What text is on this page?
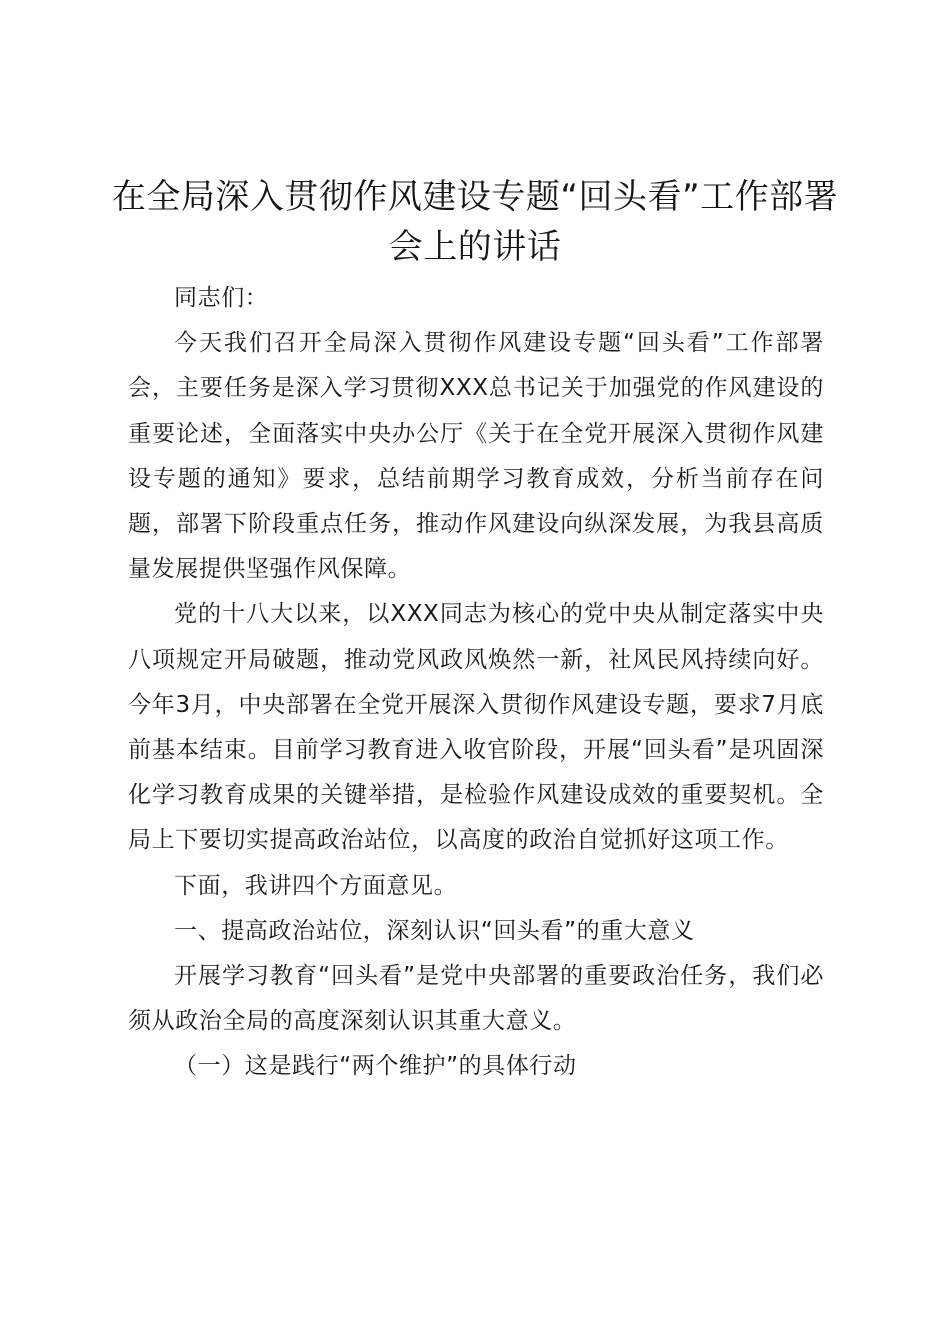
在全局深入贯彻作风建设专题“回头看”工作部署会上的讲话

同志们：

今天我们召开全局深入贯彻作风建设专题“回头看”工作部署会，主要任务是深入学习贯彻XXX总书记关于加强党的作风建设的重要论述，全面落实中央办公厅《关于在全党开展深入贯彻作风建设专题的通知》要求，总结前期学习教育成效，分析当前存在问题，部署下阶段重点任务，推动作风建设向纵深发展，为我县高质量发展提供坚强作风保障。

党的十八大以来，以XXX同志为核心的党中央从制定落实中央八项规定开局破题，推动党风政风焕然一新，社风民风持续向好。今年3月，中央部署在全党开展深入贯彻作风建设专题，要求7月底前基本结束。目前学习教育进入收官阶段，开展“回头看”是巩固深化学习教育成果的关键举措，是检验作风建设成效的重要契机。全局上下要切实提高政治站位，以高度的政治自觉抓好这项工作。

下面，我讲四个方面意见。

一、提高政治站位，深刻认识“回头看”的重大意义

开展学习教育“回头看”是党中央部署的重要政治任务，我们必须从政治全局的高度深刻认识其重大意义。

（一）这是践行“两个维护”的具体行动
